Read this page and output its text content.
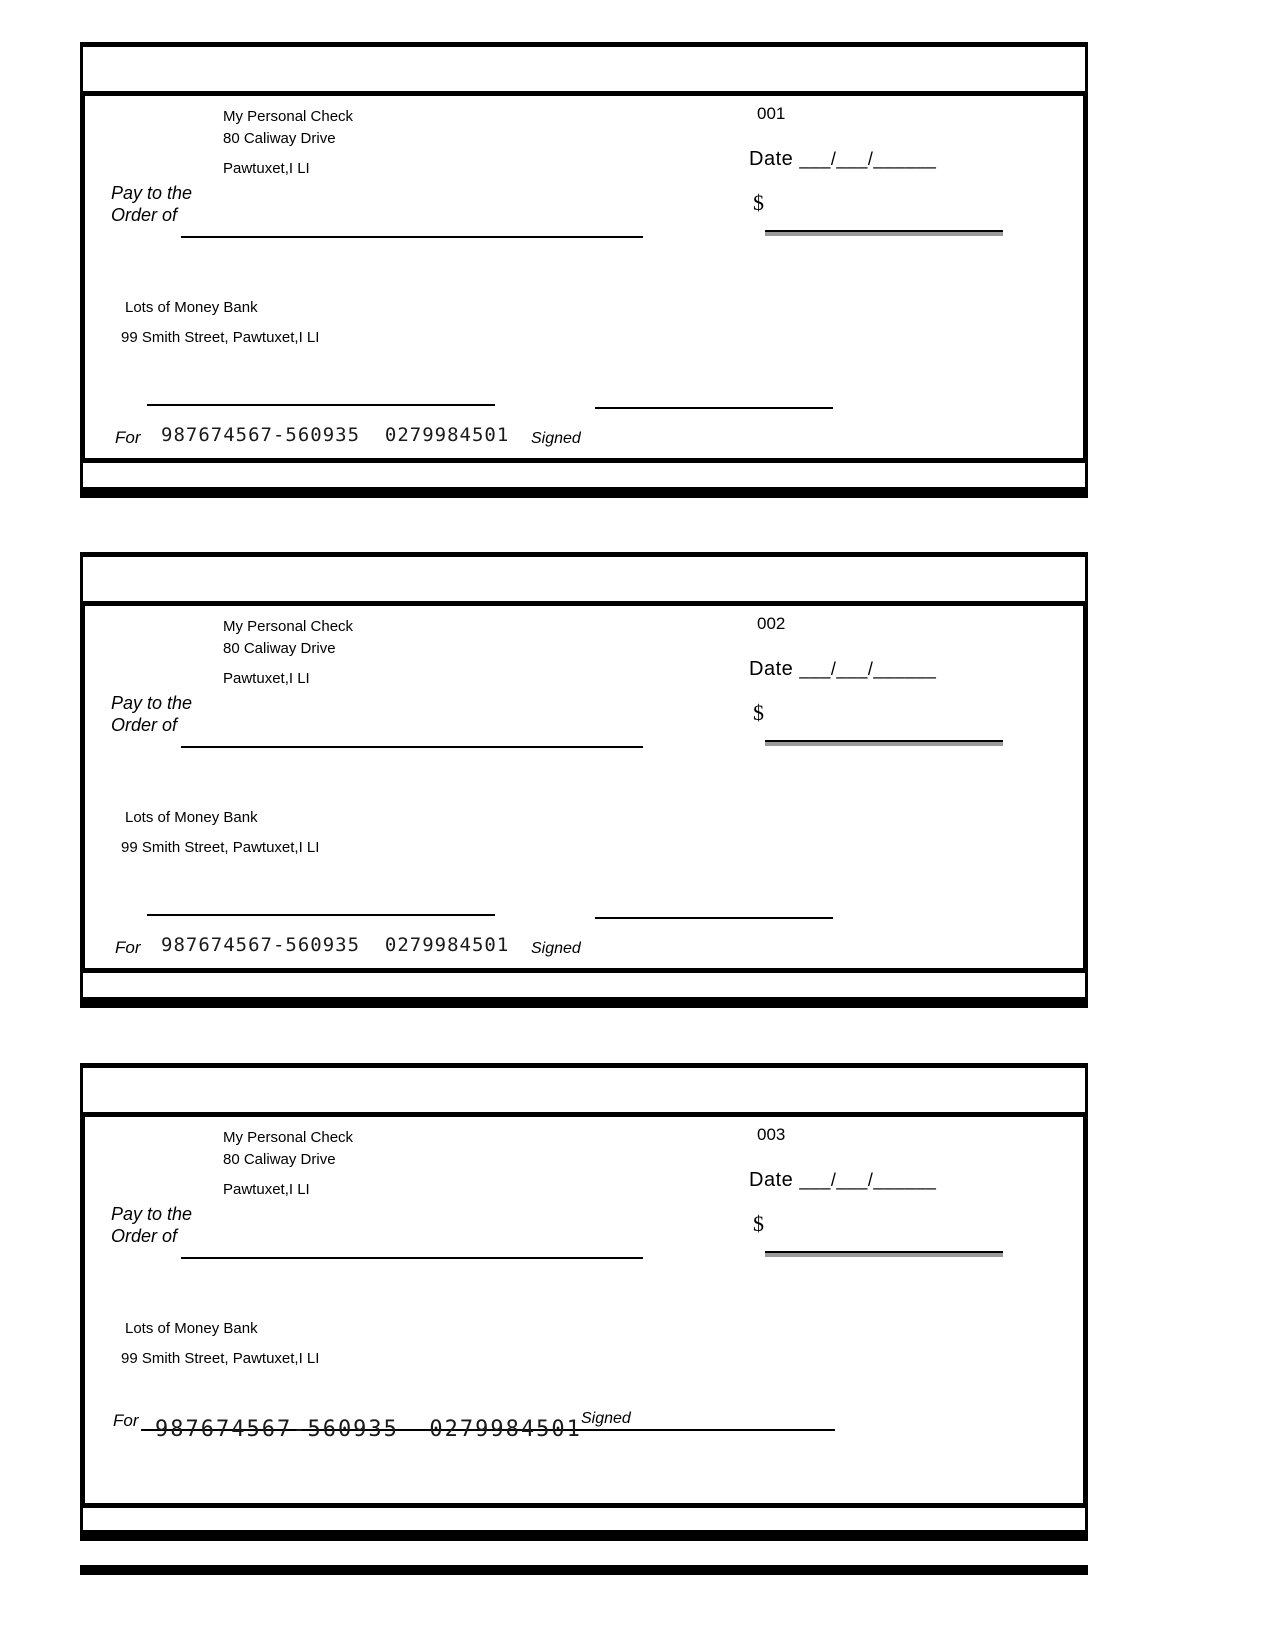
My Personal Check
80 Caliway Drive
Pawtuxet,I LI
001
Date ___/___/______
Pay to the
Order of	$
Lots of Money Bank
99 Smith Street, Pawtuxet,I LI
For 987674567-560935  0279984501 Signed
My Personal Check
80 Caliway Drive
Pawtuxet,I LI
002
Date ___/___/______
Pay to the
Order of	$
Lots of Money Bank
99 Smith Street, Pawtuxet,I LI
For 987674567-560935  0279984501 Signed
My Personal Check
80 Caliway Drive
Pawtuxet,I LI
003
Date ___/___/______
Pay to the
Order of	$
Lots of Money Bank
99 Smith Street, Pawtuxet,I LI
For 987674567-560935  0279984501 Signed
